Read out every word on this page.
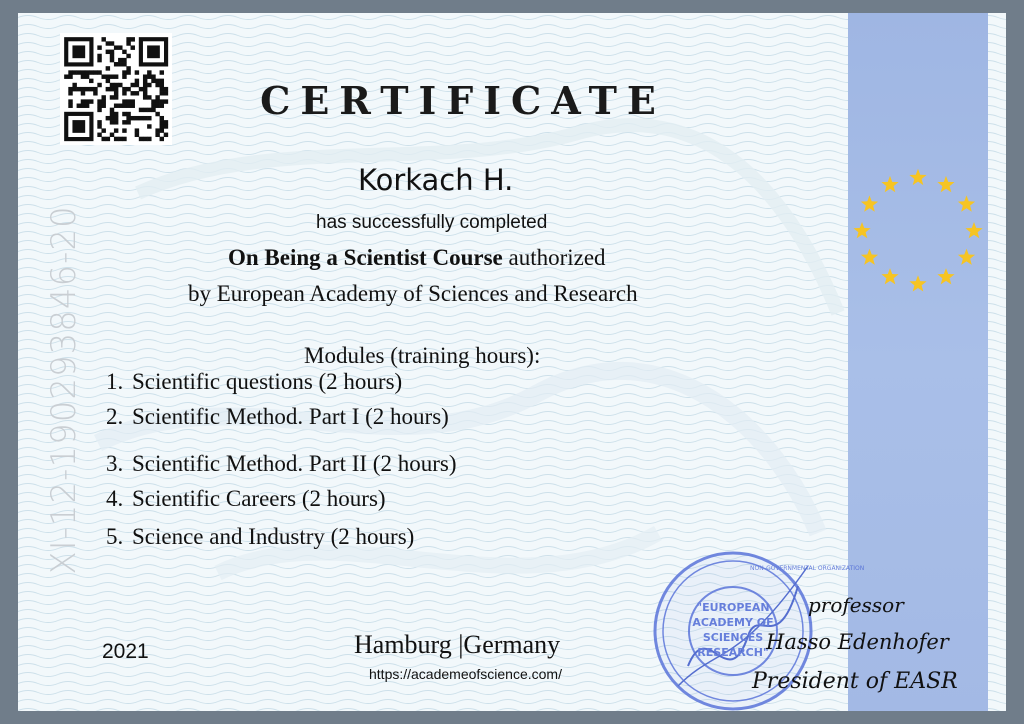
XI-12-190293846-20
CERTIFICATE
Korkach H.
has successfully completed
On Being a Scientist Course authorized
by European Academy of Sciences and Research
Modules (training hours):
1. Scientific questions (2 hours)
2. Scientific Method. Part I (2 hours)
3. Scientific Method. Part II (2 hours)
4. Scientific Careers (2 hours)
5. Science and Industry (2 hours)
2021	Hamburg |Germany
https://academeofscience.com/
"EUROPEAN
ACADEMY OF
SCIENCES
RESEARCH"
NON-GOVERNMENTAL ORGANIZATION
professor
Hasso Edenhofer
President of EASR
